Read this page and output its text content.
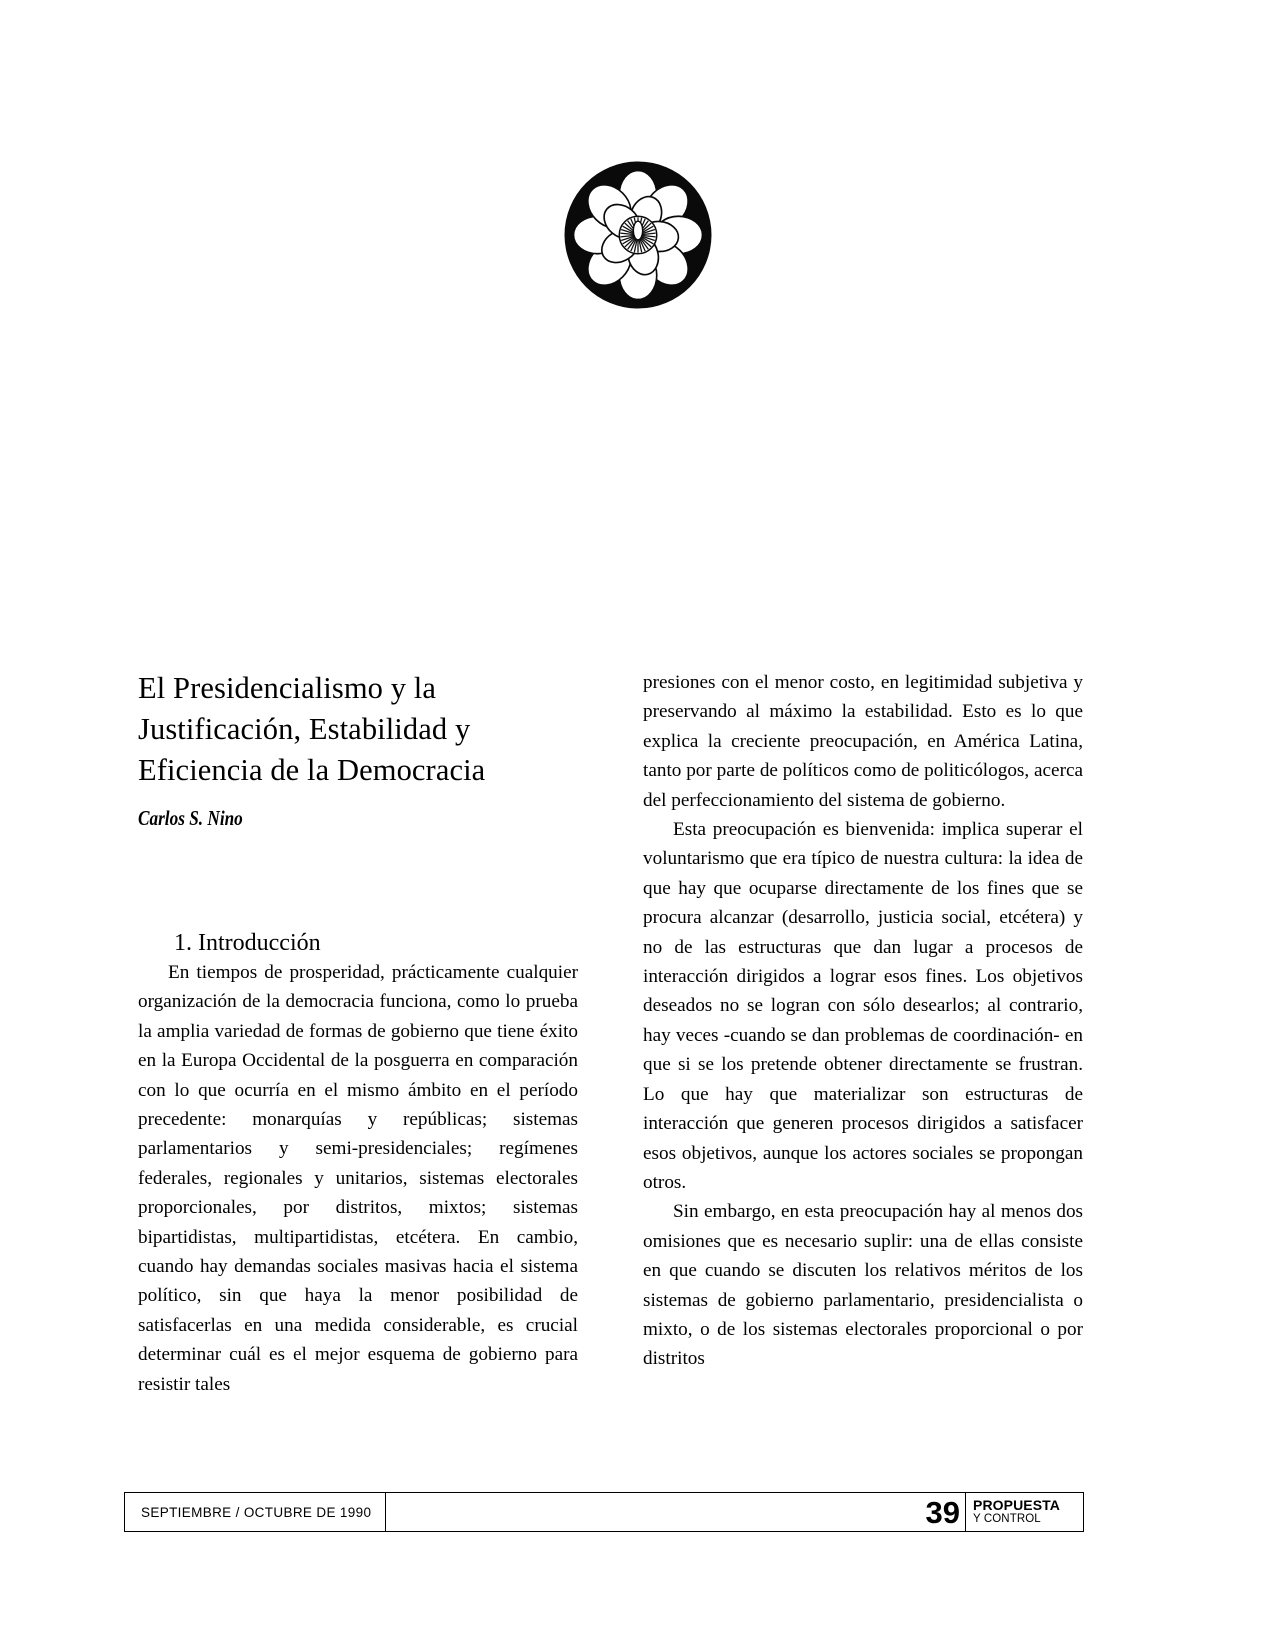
El Presidencialismo y la
Justificación, Estabilidad y
Eficiencia de la Democracia
Carlos S. Nino
1. Introducción

En tiempos de prosperidad, prácticamente cualquier organización de la democracia funciona, como lo prueba la amplia variedad de formas de gobierno que tiene éxito en la Europa Occidental de la posguerra en comparación con lo que ocurría en el mismo ámbito en el período precedente: monarquías y repúblicas; sistemas parlamentarios y semi-presidenciales; regímenes federales, regionales y unitarios, sistemas electorales proporcionales, por distritos, mixtos; sistemas bipartidistas, multipartidistas, etcétera. En cambio, cuando hay demandas sociales masivas hacia el sistema político, sin que haya la menor posibilidad de satisfacerlas en una medida considerable, es crucial determinar cuál es el mejor esquema de gobierno para resistir tales

presiones con el menor costo, en legitimidad subjetiva y preservando al máximo la estabilidad. Esto es lo que explica la creciente preocupación, en América Latina, tanto por parte de políticos como de politicólogos, acerca del perfeccionamiento del sistema de gobierno.

Esta preocupación es bienvenida: implica superar el voluntarismo que era típico de nuestra cultura: la idea de que hay que ocuparse directamente de los fines que se procura alcanzar (desarrollo, justicia social, etcétera) y no de las estructuras que dan lugar a procesos de interacción dirigidos a lograr esos fines. Los objetivos deseados no se logran con sólo desearlos; al contrario, hay veces -cuando se dan problemas de coordinación- en que si se los pretende obtener directamente se frustran. Lo que hay que materializar son estructuras de interacción que generen procesos dirigidos a satisfacer esos objetivos, aunque los actores sociales se propongan otros.

Sin embargo, en esta preocupación hay al menos dos omisiones que es necesario suplir: una de ellas consiste en que cuando se discuten los relativos méritos de los sistemas de gobierno parlamentario, presidencialista o mixto, o de los sistemas electorales proporcional o por distritos

SEPTIEMBRE / OCTUBRE DE 1990	39 PROPUESTA
Y CONTROL
